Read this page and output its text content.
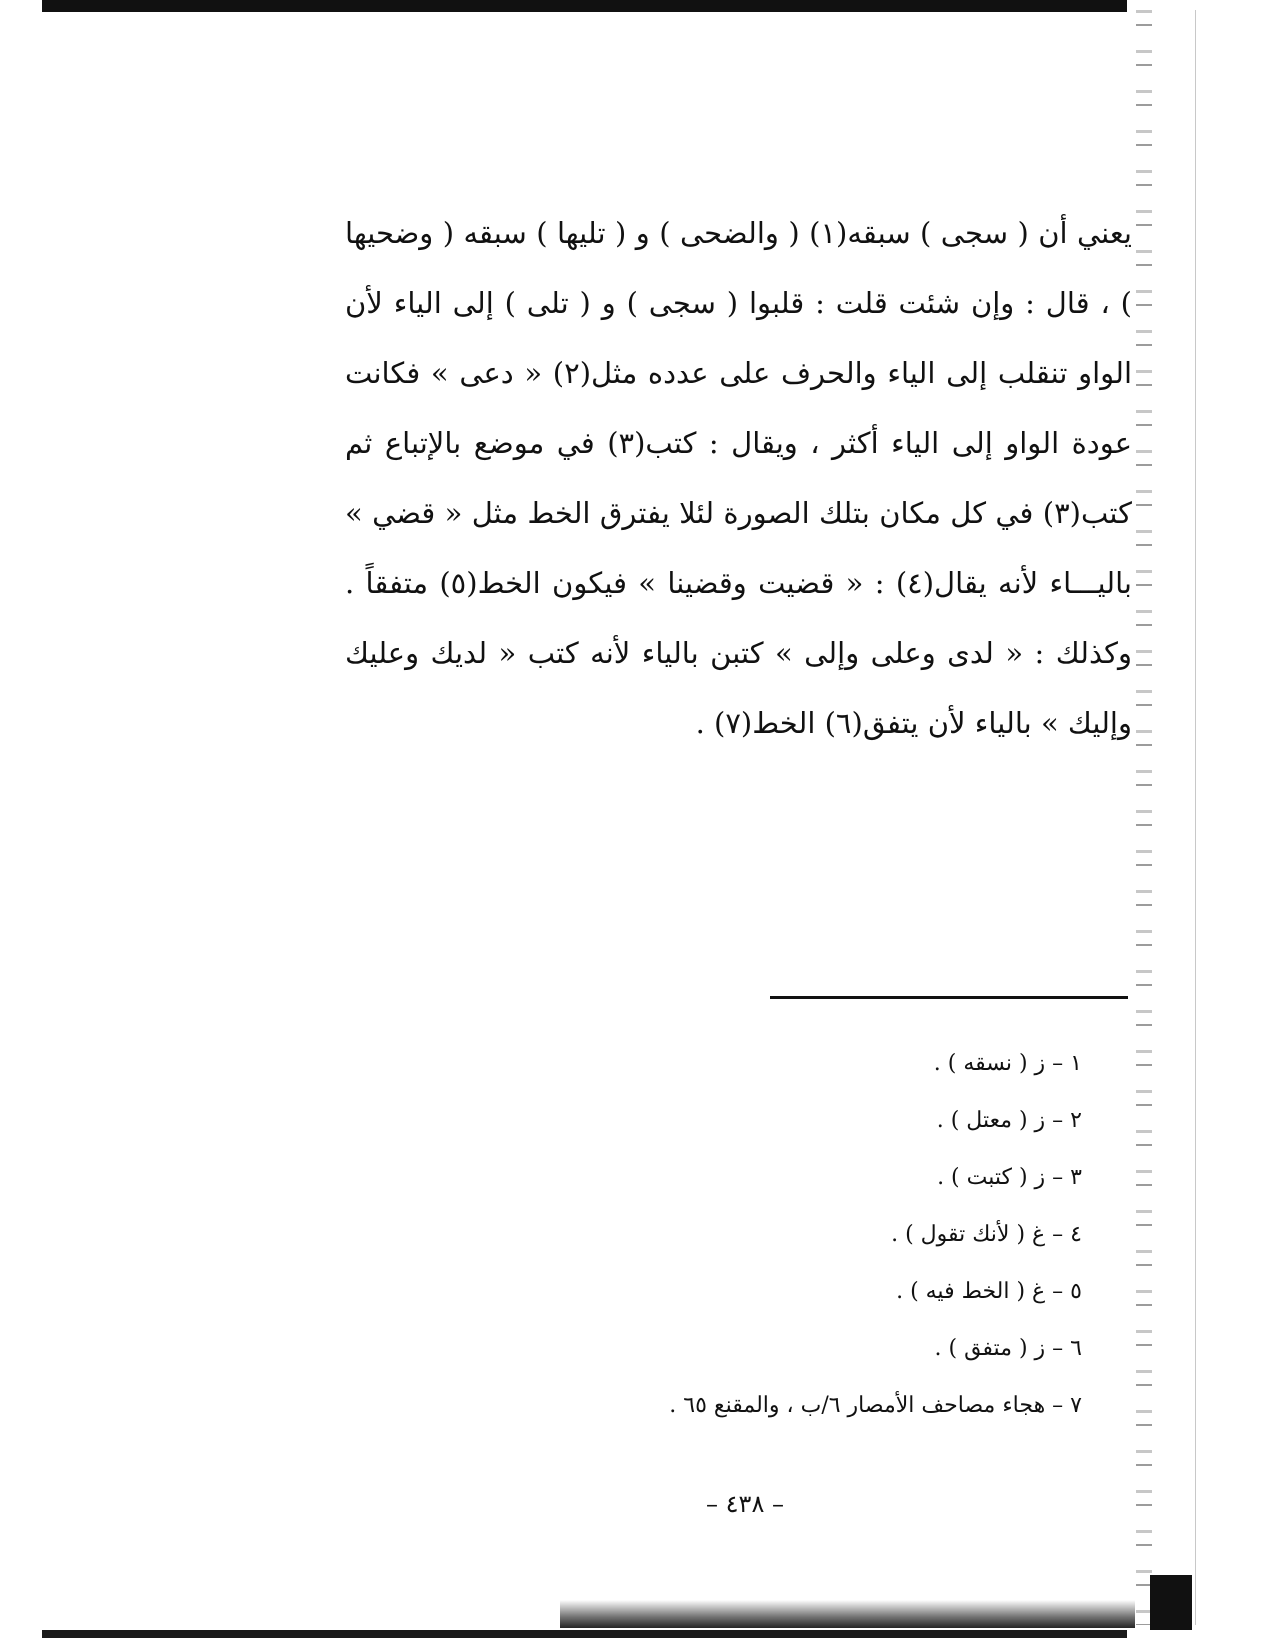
يعني أن ( سجى ) سبقه(١) ( والضحى ) و ( تليها ) سبقه ( وضحيها ) ، قال : وإن شئت قلت : قلبوا ( سجى ) و ( تلى ) إلى الياء لأن الواو تنقلب إلى الياء والحرف على عدده مثل(٢) « دعى » فكانت عودة الواو إلى الياء أكثر ، ويقال : كتب(٣) في موضع بالإتباع ثم كتب(٣) في كل مكان بتلك الصورة لئلا يفترق الخط مثل « قضي » باليـــاء لأنه يقال(٤) : « قضيت وقضينا » فيكون الخط(٥) متفقاً . وكذلك : « لدى وعلى وإلى » كتبن بالياء لأنه كتب « لديك وعليك وإليك » بالياء لأن يتفق(٦) الخط(٧) .

١ – ز ( نسقه ) .
٢ – ز ( معتل ) .
٣ – ز ( كتبت ) .
٤ – غ ( لأنك تقول ) .
٥ – غ ( الخط فيه ) .
٦ – ز ( متفق ) .
٧ – هجاء مصاحف الأمصار ٦/ب ، والمقنع ٦٥ .
– ٤٣٨ –
